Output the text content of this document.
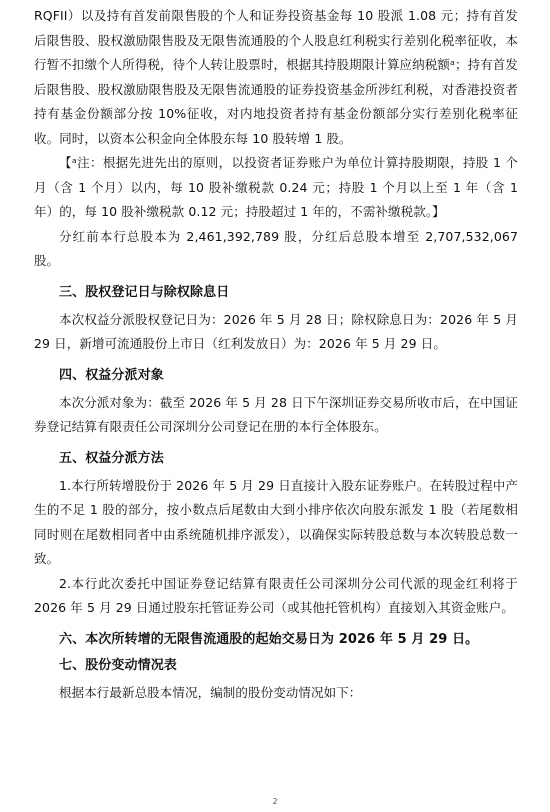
RQFII）以及持有首发前限售股的个人和证券投资基金每 10 股派 1.08 元；持有首发后限售股、股权激励限售股及无限售流通股的个人股息红利税实行差别化税率征收，本行暂不扣缴个人所得税，待个人转让股票时，根据其持股期限计算应纳税额ᵃ；持有首发后限售股、股权激励限售股及无限售流通股的证券投资基金所涉红利税，对香港投资者持有基金份额部分按 10%征收，对内地投资者持有基金份额部分实行差别化税率征收。同时，以资本公积金向全体股东每 10 股转增 1 股。

【ᵃ注：根据先进先出的原则，以投资者证券账户为单位计算持股期限，持股 1 个月（含 1 个月）以内，每 10 股补缴税款 0.24 元；持股 1 个月以上至 1 年（含 1 年）的，每 10 股补缴税款 0.12 元；持股超过 1 年的，不需补缴税款。】

分红前本行总股本为 2,461,392,789 股，分红后总股本增至 2,707,532,067 股。

三、股权登记日与除权除息日

本次权益分派股权登记日为：2026 年 5 月 28 日；除权除息日为：2026 年 5 月 29 日，新增可流通股份上市日（红利发放日）为：2026 年 5 月 29 日。

四、权益分派对象

本次分派对象为：截至 2026 年 5 月 28 日下午深圳证券交易所收市后，在中国证券登记结算有限责任公司深圳分公司登记在册的本行全体股东。

五、权益分派方法

1.本行所转增股份于 2026 年 5 月 29 日直接计入股东证券账户。在转股过程中产生的不足 1 股的部分，按小数点后尾数由大到小排序依次向股东派发 1 股（若尾数相同时则在尾数相同者中由系统随机排序派发），以确保实际转股总数与本次转股总数一致。

2.本行此次委托中国证券登记结算有限责任公司深圳分公司代派的现金红利将于 2026 年 5 月 29 日通过股东托管证券公司（或其他托管机构）直接划入其资金账户。

六、本次所转增的无限售流通股的起始交易日为 2026 年 5 月 29 日。

七、股份变动情况表

根据本行最新总股本情况，编制的股份变动情况如下：

2
